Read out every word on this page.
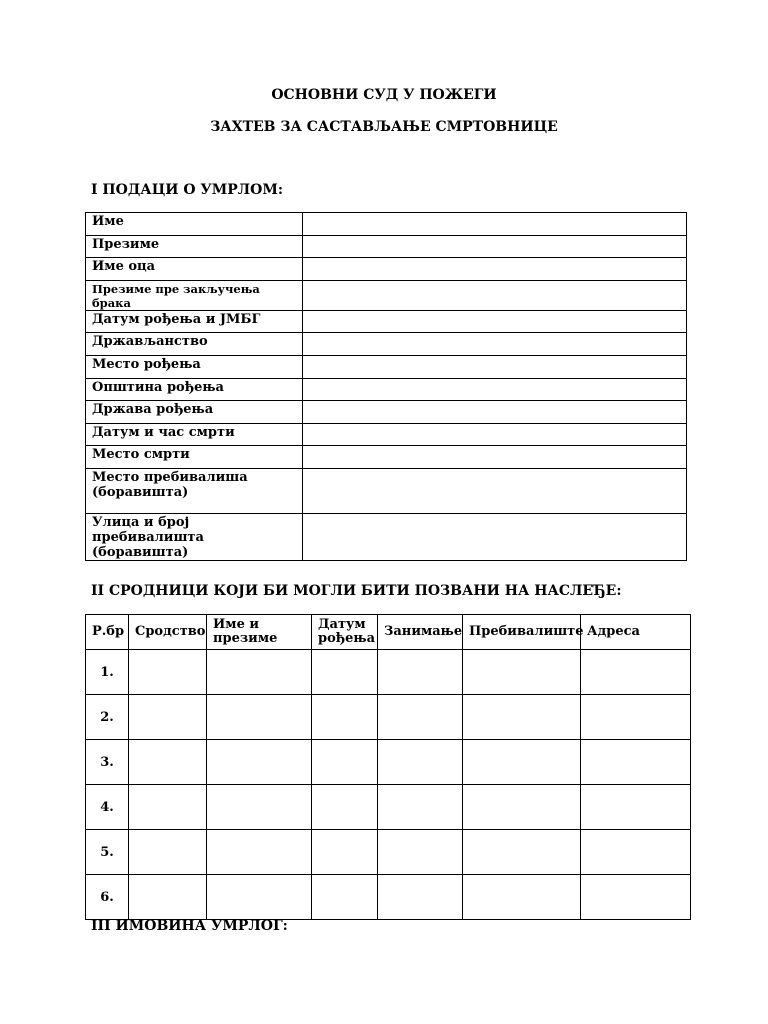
ОСНОВНИ СУД У ПОЖЕГИ
ЗАХТЕВ ЗА САСТАВЉАЊЕ СМРТОВНИЦЕ
I ПОДАЦИ О УМРЛОМ:
Име	
Презиме	
Име оца	
Презиме пре закључења брака	
Датум рођења и ЈМБГ	
Држављанство	
Место рођења	
Општина рођења	
Држава рођења	
Датум и час смрти	
Место смрти	
Место пребивалиша (боравишта)	
Улица и број пребивалишта (боравишта)	
II СРОДНИЦИ КОЈИ БИ МОГЛИ БИТИ ПОЗВАНИ НА НАСЛЕЂЕ:
Р.бр	Сродство	Име и презиме	Датум рођења	Занимање	Пребивалиште	Адреса
1.						
2.						
3.						
4.						
5.						
6.						
III ИМОВИНА УМРЛОГ:
